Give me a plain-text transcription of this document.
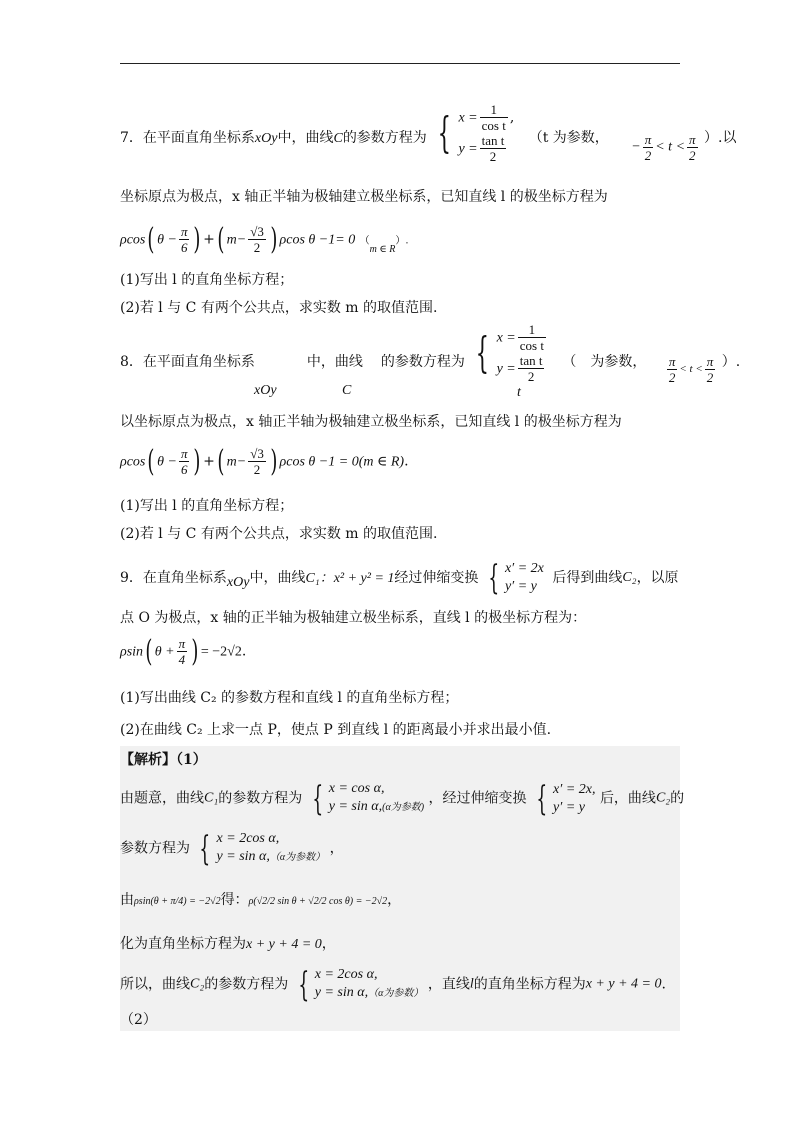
7．在平面直角坐标系xOy中，曲线C的参数方程为 { $x = \frac{1}{\text{cos t}}$ ,
$y = \frac{\text{tan t}}{2} (t$ 为参数， − $\frac{\pi}{2} < t < \frac{\pi}{2}$ ）.以
坐标原点为极点，x 轴正半轴为极轴建立极坐标系，已知直线 l 的极坐标方程为
ρcos( $\theta - \frac{\pi}{6}$ ) +( $m- \frac{√3}{2}$ ) ρcos θ −1= 0 $(_{m \in R})$.
(1)写出 l 的直角坐标方程；
(2)若 l 与 C 有两个公共点，求实数 m 的取值范围.
8．在平面直角坐标系	中，曲线 的参数方程为 { $x = \frac{1}{\text{cos t}}$
$y = \frac{\text{tan t}}{2}$ （　为参数， $\frac{\pi}{2} < t < \frac{\pi}{2}$ ）.
xOy	C	t
以坐标原点为极点，x 轴正半轴为极轴建立极坐标系，已知直线 l 的极坐标方程为
ρcos( $\theta - \frac{\pi}{6}$ ) +( $m- \frac{√3}{2}$ ) ρcos θ −1 = 0(m ∈ R).
(1)写出 l 的直角坐标方程；
(2)若 l 与 C 有两个公共点，求实数 m 的取值范围.
9．在直角坐标系xOy中，曲线C₁：x² + y² = 1经过伸缩变换 { x′ = 2x
y′ = y
后得到曲线C₂，以原
点 O 为极点，x 轴的正半轴为极轴建立极坐标系，直线 l 的极坐标方程为：
ρsin( $\theta + \frac{\pi}{4}$ ) = −2√2.
(1)写出曲线 C₂ 的参数方程和直线 l 的直角坐标方程；
(2)在曲线 C₂ 上求一点 P，使点 P 到直线 l 的距离最小并求出最小值.
【解析】（1）
由题意，曲线C₁的参数方程为 { x = cos α,
y = sin α,(α为参数)
，经过伸缩变换 { x′ = 2x,
y′ = y
后，曲线C₂的
参数方程为 { x = 2cos α,
y = sin α,（α为参数）
，
由ρsin(θ + π/4) = −2√2得：ρ(√2/2 sin θ + √2/2 cos θ) = −2√2，
化为直角坐标方程为x + y + 4 = 0，
所以，曲线C₂的参数方程为 { x = 2cos α,
y = sin α,（α为参数）
，直线l的直角坐标方程为x + y + 4 = 0.
（2）
